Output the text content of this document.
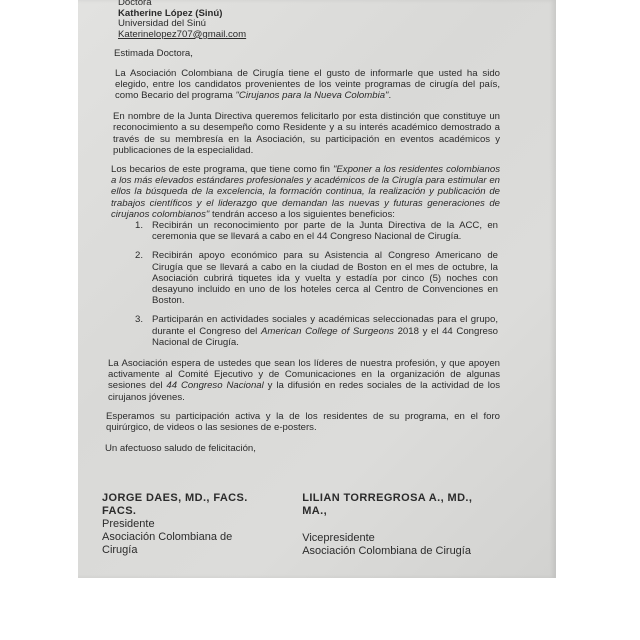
Doctora
Katherine López (Sinú)
Universidad del Sinú
Katerinelopez707@gmail.com

Estimada Doctora,

La Asociación Colombiana de Cirugía tiene el gusto de informarle que usted ha sido elegido, entre los candidatos provenientes de los veinte programas de cirugía del país, como Becario del programa "Cirujanos para la Nueva Colombia".

En nombre de la Junta Directiva queremos felicitarlo por esta distinción que constituye un reconocimiento a su desempeño como Residente y a su interés académico demostrado a través de su membresía en la Asociación, su participación en eventos académicos y publicaciones de la especialidad.

Los becarios de este programa, que tiene como fin "Exponer a los residentes colombianos a los más elevados estándares profesionales y académicos de la Cirugía para estimular en ellos la búsqueda de la excelencia, la formación continua, la realización y publicación de trabajos científicos y el liderazgo que demandan las nuevas y futuras generaciones de cirujanos colombianos" tendrán acceso a los siguientes beneficios:

1. Recibirán un reconocimiento por parte de la Junta Directiva de la ACC, en ceremonia que se llevará a cabo en el 44 Congreso Nacional de Cirugía.
2. Recibirán apoyo económico para su Asistencia al Congreso Americano de Cirugía que se llevará a cabo en la ciudad de Boston en el mes de octubre, la Asociación cubrirá tiquetes ida y vuelta y estadía por cinco (5) noches con desayuno incluido en uno de los hoteles cerca al Centro de Convenciones en Boston.
3. Participarán en actividades sociales y académicas seleccionadas para el grupo, durante el Congreso del American College of Surgeons 2018 y el 44 Congreso Nacional de Cirugía.

La Asociación espera de ustedes que sean los líderes de nuestra profesión, y que apoyen activamente al Comité Ejecutivo y de Comunicaciones en la organización de algunas sesiones del 44 Congreso Nacional y la difusión en redes sociales de la actividad de los cirujanos jóvenes.

Esperamos su participación activa y la de los residentes de su programa, en el foro quirúrgico, de videos o las sesiones de e-posters.

Un afectuoso saludo de felicitación,

JORGE DAES, MD., FACS. FACS.
Presidente
Asociación Colombiana de Cirugía
LILIAN TORREGROSA A., MD., MA.,
Vicepresidente
Asociación Colombiana de Cirugía
